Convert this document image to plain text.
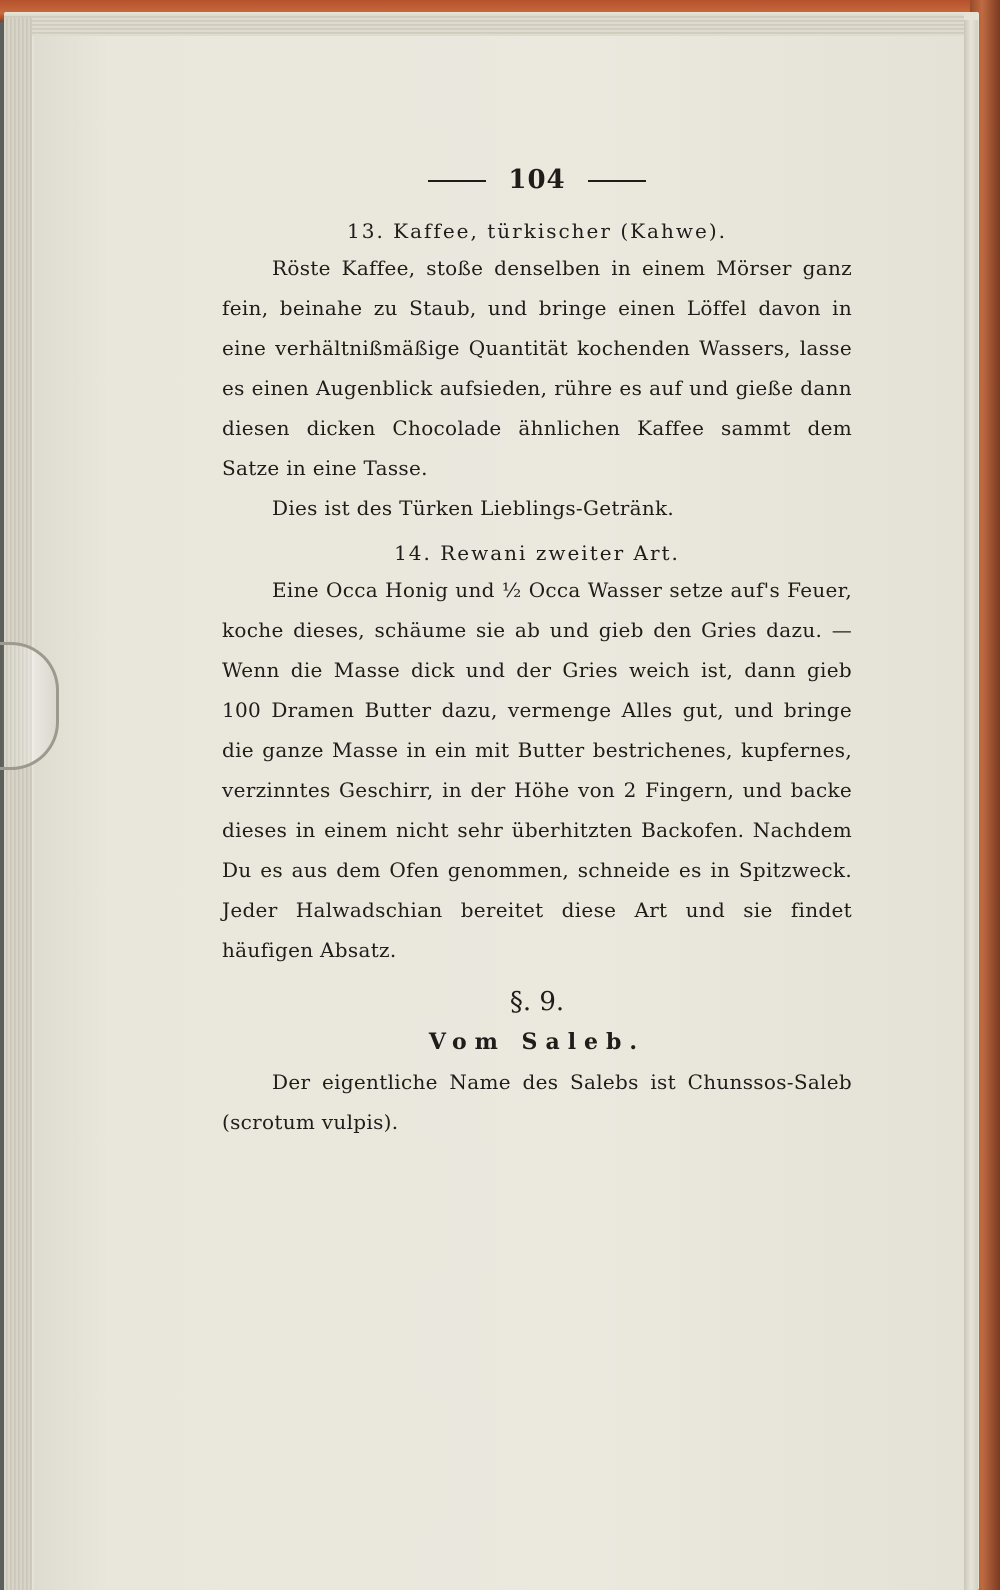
104

13. Kaffee, türkischer (Kahwe).

Röste Kaffee, stoße denselben in einem Mörser ganz fein, beinahe zu Staub, und bringe einen Löffel davon in eine verhältnißmäßige Quantität kochenden Wassers, lasse es einen Augenblick aufsieden, rühre es auf und gieße dann diesen dicken Chocolade ähnlichen Kaffee sammt dem Satze in eine Tasse.

Dies ist des Türken Lieblings-Getränk.

14. Rewani zweiter Art.

Eine Occa Honig und ½ Occa Wasser setze auf's Feuer, koche dieses, schäume sie ab und gieb den Gries dazu. — Wenn die Masse dick und der Gries weich ist, dann gieb 100 Dramen Butter dazu, vermenge Alles gut, und bringe die ganze Masse in ein mit Butter bestrichenes, kupfernes, verzinntes Geschirr, in der Höhe von 2 Fingern, und backe dieses in einem nicht sehr überhitzten Backofen. Nachdem Du es aus dem Ofen genommen, schneide es in Spitzweck. Jeder Halwadschian bereitet diese Art und sie findet häufigen Absatz.

§. 9.

Vom Saleb.

Der eigentliche Name des Salebs ist Chunssos-Saleb (scrotum vulpis).
